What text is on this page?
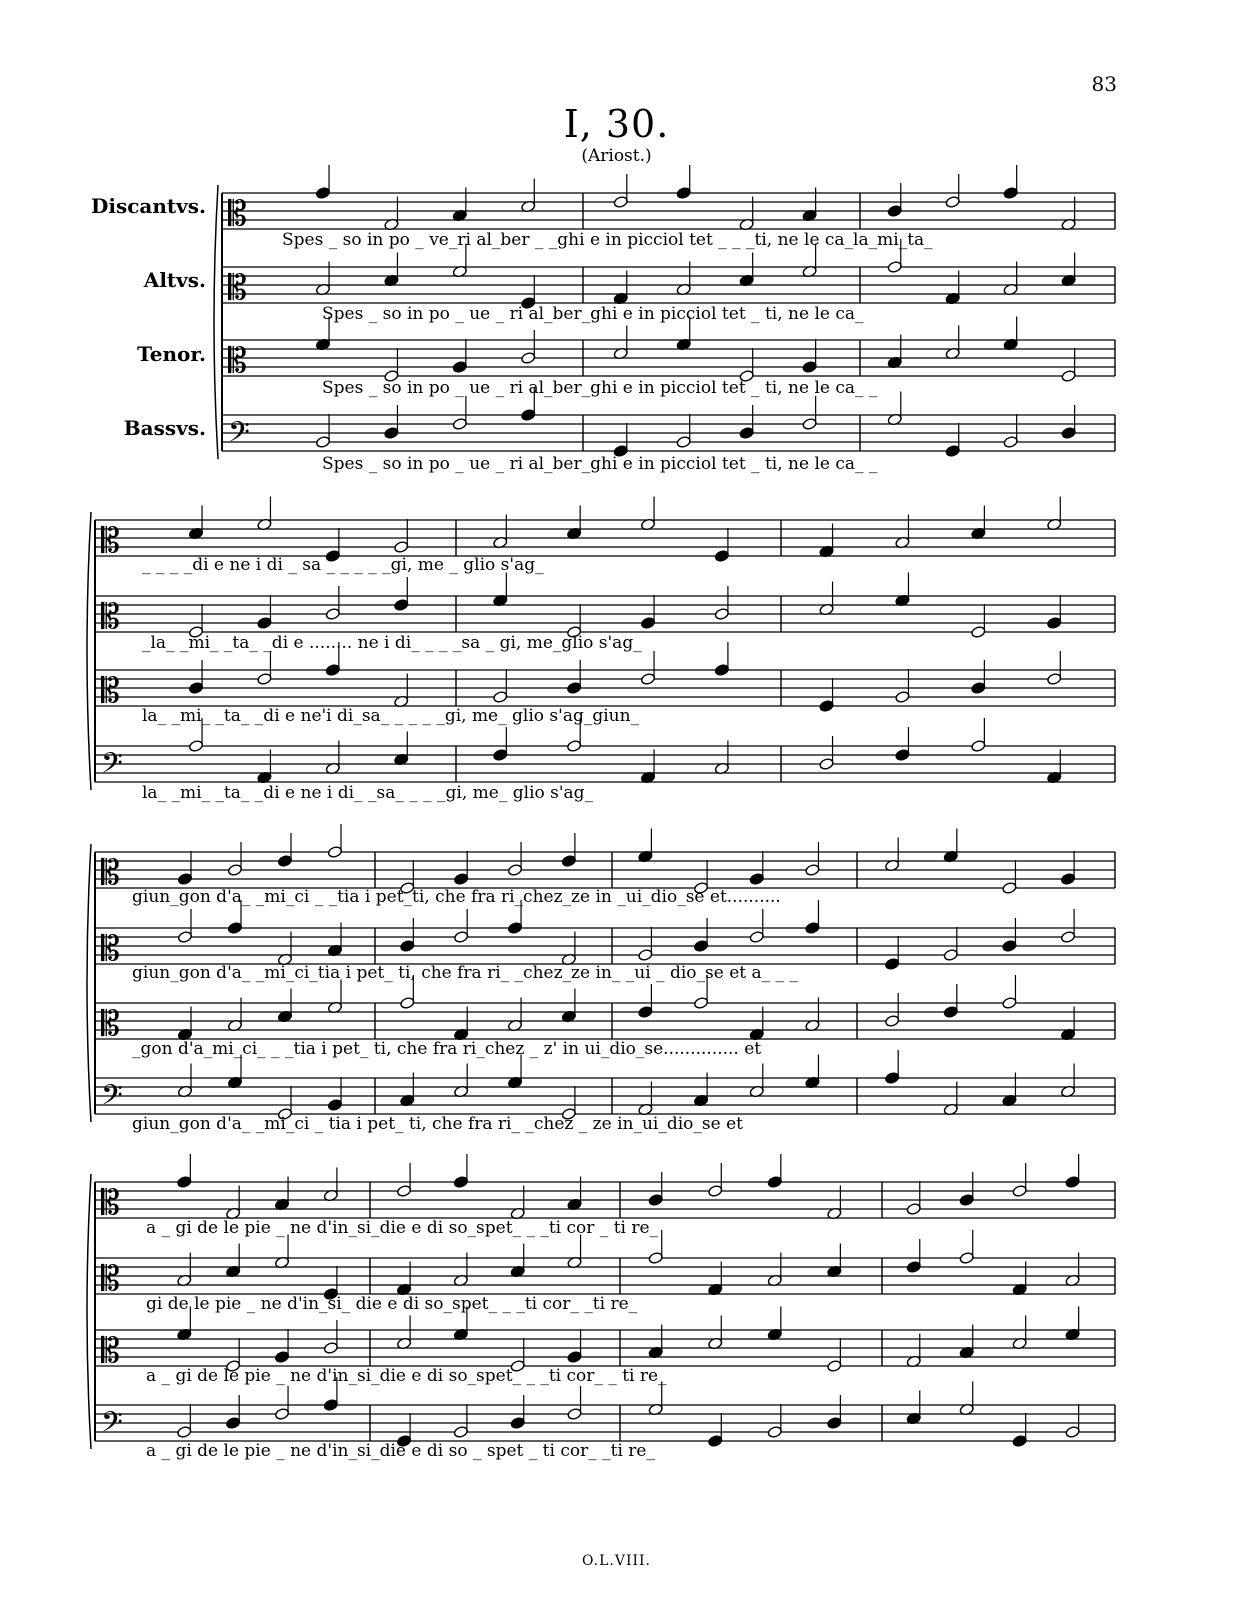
83
I, 30.
(Ariost.)
Discantvs.
Altvs.
Tenor.
Bassvs.
𝄡
𝄡
𝄡
𝄢
𝄡
𝄡
𝄡
𝄢
𝄡
𝄡
𝄡
𝄢
𝄡
𝄡
𝄡
𝄢
Spes _ so in po _ ve_ri al_ber _ _ghi e in picciol tet _ _ _ti, ne le ca_la_mi_ta_
Spes _ so in po _ ue _ ri al_ber_ghi e in picciol tet _ ti, ne le ca_
Spes _ so in po _ ue _ ri al_ber_ghi e in picciol tet _ ti, ne le ca_ _
Spes _ so in po _ ue _ ri al_ber_ghi e in picciol tet _ ti, ne le ca_ _
_ _ _ _di e ne i di _ sa _ _ _ _ _gi, me _ glio s'ag_
_la_ _mi_ _ta_ _di e ........ ne i di_ _ _ _sa _ gi, me_glio s'ag_
la_ _mi_ _ta_ _di e ne'i di_sa_ _ _ _ _gi, me_ glio s'ag_giun_
la_ _mi_ _ta_ _di e ne i di_ _sa_ _ _ _gi, me_ glio s'ag_
giun_gon d'a_ _mi_ci _ _tia i pet_ti, che fra ri_chez_ze in _ui_dio_se et..........
giun_gon d'a_ _mi_ci_tia i pet_ ti, che fra ri_ _chez_ze in_ _ui _ dio_se et a_ _ _
_gon d'a_mi_ci_ _ _tia i pet_ ti, che fra ri_chez _ z' in ui_dio_se.............. et
giun_gon d'a_ _mi_ci _ tia i pet_ ti, che fra ri_ _chez _ ze in_ui_dio_se et
a _ gi de le pie _ ne d'in_si_die e di so_spet_ _ _ti cor _ ti re_
gi de le pie _ ne d'in_si_ die e di so_spet_ _ _ti cor_ _ti re_
a _ gi de le pie _ ne d'in_si_die e di so_spet_ _ _ti cor_ _ ti re_
a _ gi de le pie _ ne d'in_si_die e di so _ spet _ ti cor_ _ti re_
O.L.VIII.
